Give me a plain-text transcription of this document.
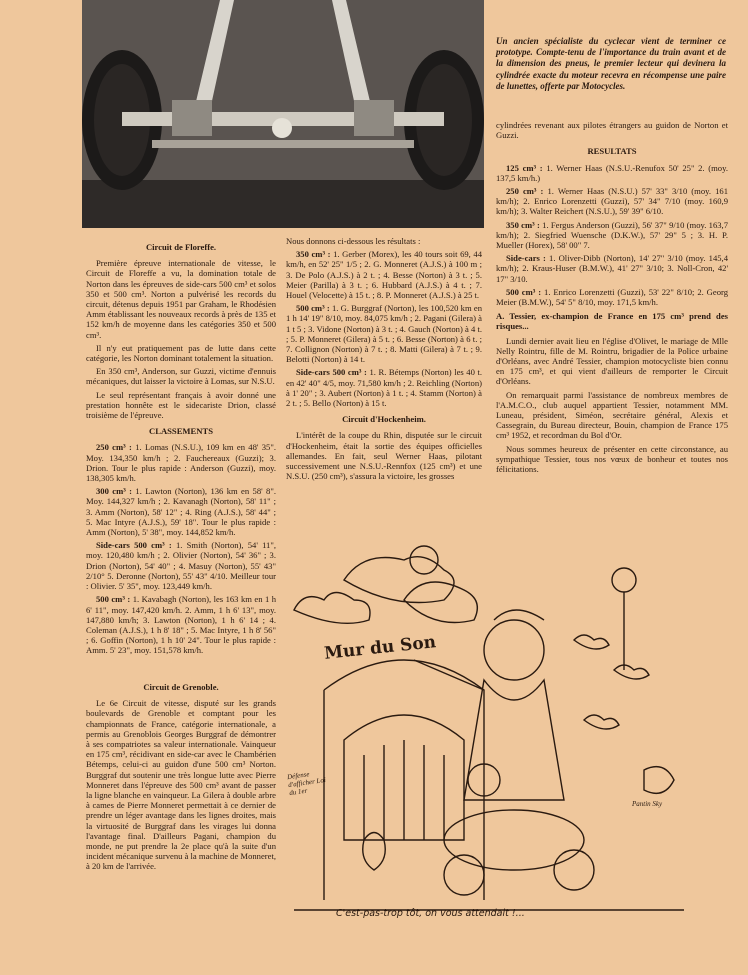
Un ancien spécialiste du cyclecar vient de terminer ce prototype. Compte-tenu de l'importance du train avant et de la dimension des pneus, le premier lecteur qui devinera la cylindrée exacte du moteur recevra en récompense une paire de lunettes, offerte par Motocycles.
Circuit de Floreffe.

Première épreuve internationale de vitesse, le Circuit de Floreffe a vu, la domination totale de Norton dans les épreuves de side-cars 500 cm³ et solos 350 et 500 cm³. Norton a pulvérisé les records du circuit, détenus depuis 1951 par Graham, le Rhodésien Amm établissant les nouveaux records à près de 135 et 152 km/h de moyenne dans les catégories 350 et 500 cm³.

Il n'y eut pratiquement pas de lutte dans cette catégorie, les Norton dominant totalement la situation.

En 350 cm³, Anderson, sur Guzzi, victime d'ennuis mécaniques, dut laisser la victoire à Lomas, sur N.S.U.

Le seul représentant français à avoir donné une prestation honnête est le sidecariste Drion, classé troisième de l'épreuve.

CLASSEMENTS

250 cm³ : 1. Lomas (N.S.U.), 109 km en 48' 35". Moy. 134,350 km/h ; 2. Fauchereaux (Guzzi); 3. Drion. Tour le plus rapide : Anderson (Guzzi), moy. 138,305 km/h.

300 cm³ : 1. Lawton (Norton), 136 km en 58' 8". Moy. 144,327 km/h ; 2. Kavanagh (Norton), 58' 11" ; 3. Amm (Norton), 58' 12" ; 4. Ring (A.J.S.), 58' 44" ; 5. Mac Intyre (A.J.S.), 59' 18". Tour le plus rapide : Amm (Norton), 5' 38", moy. 144,852 km/h.

Side-cars 500 cm³ : 1. Smith (Norton), 54' 11", moy. 120,480 km/h ; 2. Olivier (Norton), 54' 36" ; 3. Drion (Norton), 54' 40" ; 4. Masuy (Norton), 55' 43" 2/10° 5. Deronne (Norton), 55' 43" 4/10. Meilleur tour : Olivier. 5' 35", moy. 123,449 km/h.

500 cm³ : 1. Kavabagh (Norton), les 163 km en 1 h 6' 11", moy. 147,420 km/h. 2. Amm, 1 h 6' 13", moy. 147,880 km/h; 3. Lawton (Norton), 1 h 6' 14 ; 4. Coleman (A.J.S.), 1 h 8' 18" ; 5. Mac Intyre, 1 h 8' 56" ; 6. Goffin (Norton), 1 h 10' 24". Tour le plus rapide : Amm. 5' 23", moy. 151,578 km/h.

Circuit de Grenoble.

Le 6e Circuit de vitesse, disputé sur les grands boulevards de Grenoble et comptant pour les championnats de France, catégorie internationale, a permis au Grenoblois Georges Burggraf de démontrer à ses compatriotes sa valeur internationale. Vainqueur en 175 cm³, récidivant en side-car avec le Chambérien Bétemps, celui-ci au guidon d'une 500 cm³ Norton. Burggraf dut soutenir une très longue lutte avec Pierre Monneret dans l'épreuve des 500 cm³ avant de passer la ligne blanche en vainqueur. La Gilera à double arbre à cames de Pierre Monneret permettait à ce dernier de prendre un léger avantage dans les lignes droites, mais la virtuosité de Burggraf dans les virages lui donna l'avantage final. D'ailleurs Pagani, champion du monde, ne put prendre la 2e place qu'à la suite d'un incident mécanique survenu à la machine de Monneret, à 20 km de l'arrivée.

Nous donnons ci-dessous les résultats :

350 cm³ : 1. Gerber (Morex), les 40 tours soit 69, 44 km/h, en 52' 25" 1/5 ; 2. G. Monneret (A.J.S.) à 100 m ; 3. De Polo (A.J.S.) à 2 t. ; 4. Besse (Norton) à 3 t. ; 5. Meier (Parilla) à 3 t. ; 6. Hubbard (A.J.S.) à 4 t. ; 7. Houel (Velocette) à 15 t. ; 8. P. Monneret (A.J.S.) à 25 t.

500 cm³ : 1. G. Burggraf (Norton), les 100,520 km en 1 h 14' 19" 8/10, moy. 84,075 km/h ; 2. Pagani (Gilera) à 1 t 5 ; 3. Vidone (Norton) à 3 t. ; 4. Gauch (Norton) à 4 t. ; 5. P. Monneret (Gilera) à 5 t. ; 6. Besse (Norton) à 6 t. ; 7. Collignon (Norton) à 7 t. ; 8. Matti (Gilera) à 7 t. ; 9. Belotti (Norton) à 14 t.

Side-cars 500 cm³ : 1. R. Bétemps (Norton) les 40 t. en 42' 40" 4/5, moy. 71,580 km/h ; 2. Reichling (Norton) à 1' 20" ; 3. Aubert (Norton) à 1 t. ; 4. Stamm (Norton) à 2 t. ; 5. Bello (Norton) à 15 t.

Circuit d'Hockenheim.

L'intérêt de la coupe du Rhin, disputée sur le circuit d'Hockenheim, était la sortie des équipes officielles allemandes. En fait, seul Werner Haas, pilotant successivement une N.S.U.-Rennfox (125 cm³) et une N.S.U. (250 cm³), s'assura la victoire, les grosses

cylindrées revenant aux pilotes étrangers au guidon de Norton et Guzzi.

RESULTATS

125 cm³ : 1. Werner Haas (N.S.U.-Renufox 50' 25" 2. (moy. 137,5 km/h.)

250 cm³ : 1. Werner Haas (N.S.U.) 57' 33" 3/10 (moy. 161 km/h); 2. Enrico Lorenzetti (Guzzi), 57' 34" 7/10 (moy. 160,9 km/h); 3. Walter Reichert (N.S.U.), 59' 39" 6/10.

350 cm³ : 1. Fergus Anderson (Guzzi), 56' 37" 9/10 (moy. 163,7 km/h); 2. Siegfried Wuensche (D.K.W.), 57' 29" 5 ; 3. H. P. Mueller (Horex), 58' 00" 7.

Side-cars : 1. Oliver-Dibb (Norton), 14' 27" 3/10 (moy. 145,4 km/h); 2. Kraus-Huser (B.M.W.), 41' 27" 3/10; 3. Noll-Cron, 42' 17" 3/10.

500 cm³ : 1. Enrico Lorenzetti (Guzzi), 53' 22" 8/10; 2. Georg Meier (B.M.W.), 54' 5" 8/10, moy. 171,5 km/h.

A. Tessier, ex-champion de France en 175 cm³ prend des risques...

Lundi dernier avait lieu en l'église d'Olivet, le mariage de Mlle Nelly Rointru, fille de M. Rointru, brigadier de la Police urbaine d'Orléans, avec André Tessier, champion motocycliste bien connu en 175 cm³, et qui vient d'ailleurs de remporter le Circuit d'Orléans.

On remarquait parmi l'assistance de nombreux membres de l'A.M.C.O., club auquel appartient Tessier, notamment MM. Luneau, président, Siméon, secrétaire général, Alexis et Cassegrain, du Bureau directeur, Bouin, champion de France 175 cm³ 1952, et recordman du Bol d'Or.

Nous sommes heureux de présenter en cette circonstance, au sympathique Tessier, tous nos vœux de bonheur et toutes nos félicitations.

Mur du Son
Défense d'afficher Loi du 1er
Pantin Sky
C'est-pas-trop tôt, on vous attendait !...
